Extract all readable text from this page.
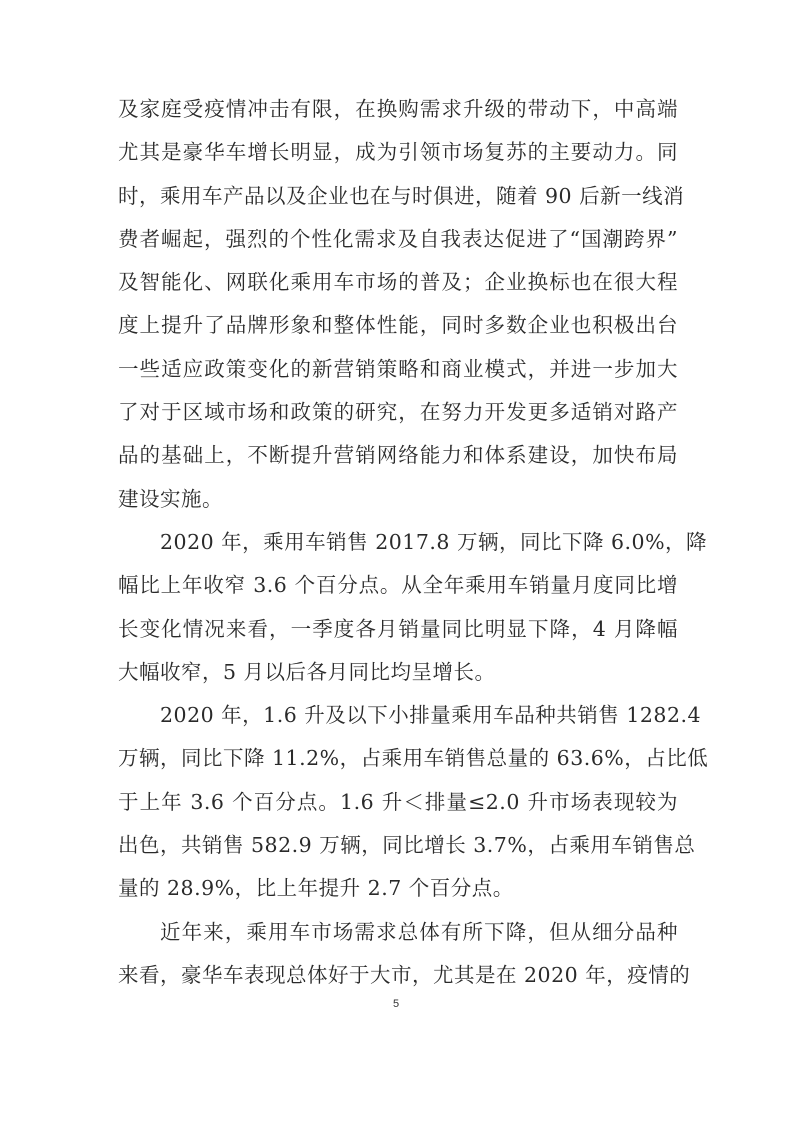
及家庭受疫情冲击有限，在换购需求升级的带动下，中高端
尤其是豪华车增长明显，成为引领市场复苏的主要动力。同
时，乘用车产品以及企业也在与时俱进，随着 90 后新一线消
费者崛起，强烈的个性化需求及自我表达促进了“国潮跨界”
及智能化、网联化乘用车市场的普及；企业换标也在很大程
度上提升了品牌形象和整体性能，同时多数企业也积极出台
一些适应政策变化的新营销策略和商业模式，并进一步加大
了对于区域市场和政策的研究，在努力开发更多适销对路产
品的基础上，不断提升营销网络能力和体系建设，加快布局
建设实施。
2020 年，乘用车销售 2017.8 万辆，同比下降 6.0%，降
幅比上年收窄 3.6 个百分点。从全年乘用车销量月度同比增
长变化情况来看，一季度各月销量同比明显下降，4 月降幅
大幅收窄，5 月以后各月同比均呈增长。
2020 年，1.6 升及以下小排量乘用车品种共销售 1282.4
万辆，同比下降 11.2%，占乘用车销售总量的 63.6%，占比低
于上年 3.6 个百分点。1.6 升＜排量≤2.0 升市场表现较为
出色，共销售 582.9 万辆，同比增长 3.7%，占乘用车销售总
量的 28.9%，比上年提升 2.7 个百分点。
近年来，乘用车市场需求总体有所下降，但从细分品种
来看，豪华车表现总体好于大市，尤其是在 2020 年，疫情的
5
